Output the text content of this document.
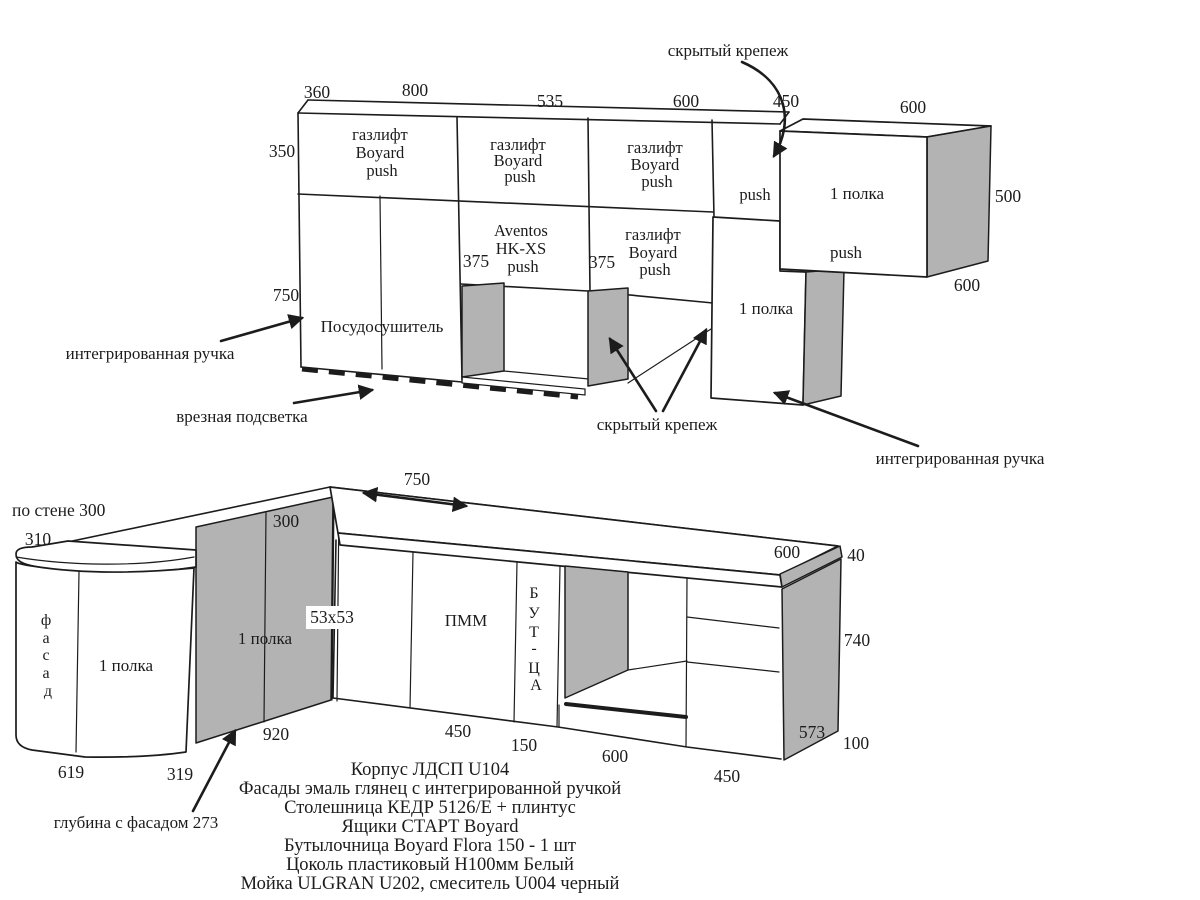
360	800
535	600	450	600
350
750
375	375
500
600
газлифт Boyard push
газлифт Boyard push
газлифт Boyard push
push
Aventos HK-XS push
газлифт Boyard push
Посудосушитель
1 полка
1 полка
push
скрытый крепеж
интегрированная ручка
врезная подсветка	скрытый крепеж
интегрированная ручка
по стене 300
310
300
750
619	319
920	450
150
600
450
600	40
740
573
100
53x53
ф а с а д
1 полка
1 полка
ПММ
Б У Т - Ц А
глубина с фасадом 273
Корпус ЛДСП U104
Фасады эмаль глянец с интегрированной ручкой
Столешница КЕДР 5126/Е + плинтус
Ящики СТАРТ Boyard
Бутылочница Boyard Flora 150 - 1 шт
Цоколь пластиковый Н100мм Белый
Мойка ULGRAN U202, смеситель U004 черный
